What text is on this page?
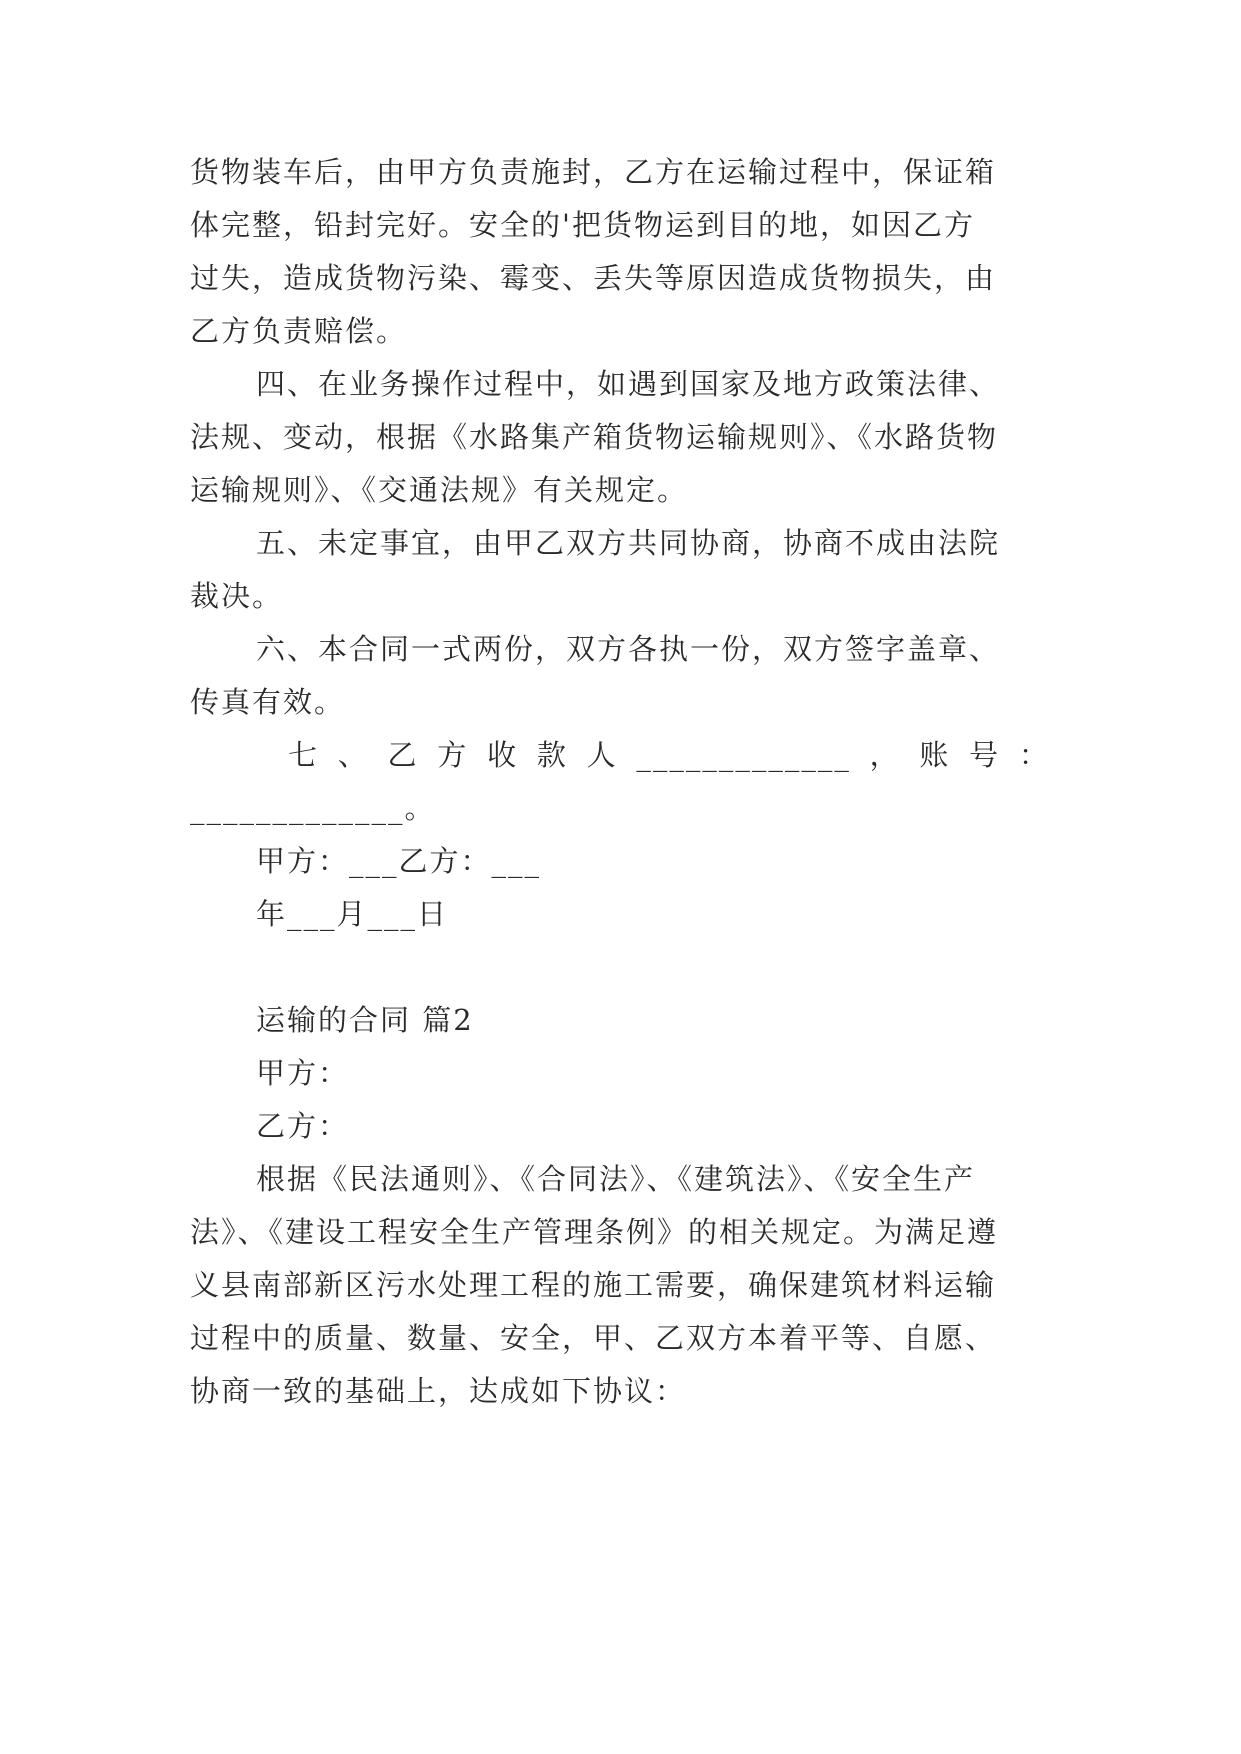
货物装车后，由甲方负责施封，乙方在运输过程中，保证箱
体完整，铅封完好。安全的'把货物运到目的地，如因乙方
过失，造成货物污染、霉变、丢失等原因造成货物损失，由
乙方负责赔偿。
四、在业务操作过程中，如遇到国家及地方政策法律、
法规、变动，根据《水路集产箱货物运输规则》、《水路货物
运输规则》、《交通法规》有关规定。
五、未定事宜，由甲乙双方共同协商，协商不成由法院
裁决。
六、本合同一式两份，双方各执一份，双方签字盖章、
传真有效。
七 、 乙 方 收 款 人 _____________ ， 账 号 ：
_____________。
甲方：___乙方：___
年___月___日
运输的合同 篇2
甲方：
乙方：
根据《民法通则》、《合同法》、《建筑法》、《安全生产
法》、《建设工程安全生产管理条例》的相关规定。为满足遵
义县南部新区污水处理工程的施工需要，确保建筑材料运输
过程中的质量、数量、安全，甲、乙双方本着平等、自愿、
协商一致的基础上，达成如下协议：
